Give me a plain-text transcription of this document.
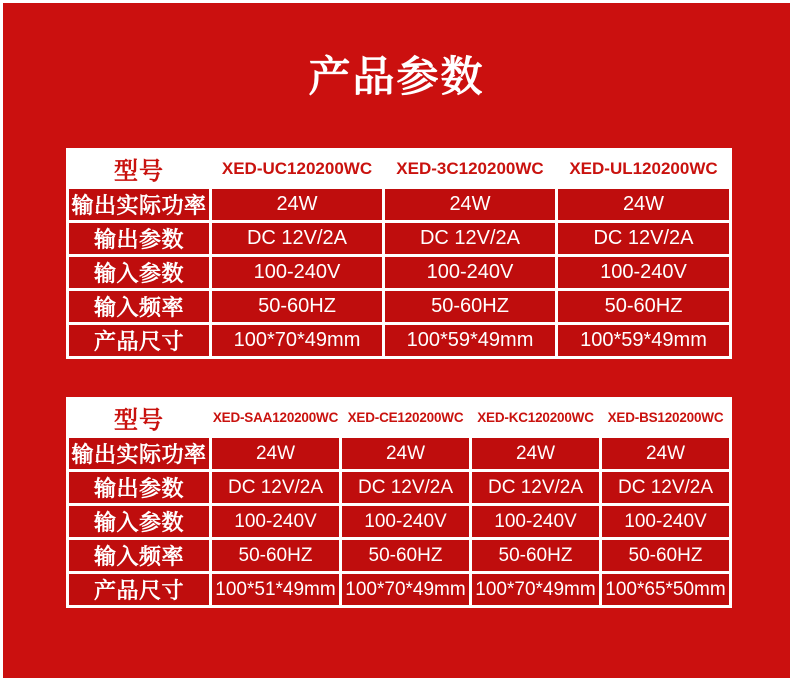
产品参数
型号	XED-UC120200WC	XED-3C120200WC	XED-UL120200WC
输出实际功率	24W	24W	24W
输出参数	DC 12V/2A	DC 12V/2A	DC 12V/2A
输入参数	100-240V	100-240V	100-240V
输入频率	50-60HZ	50-60HZ	50-60HZ
产品尺寸	100*70*49mm	100*59*49mm	100*59*49mm
型号	XED-SAA120200WC	XED-CE120200WC	XED-KC120200WC	XED-BS120200WC
输出实际功率	24W	24W	24W	24W
输出参数	DC 12V/2A	DC 12V/2A	DC 12V/2A	DC 12V/2A
输入参数	100-240V	100-240V	100-240V	100-240V
输入频率	50-60HZ	50-60HZ	50-60HZ	50-60HZ
产品尺寸	100*51*49mm	100*70*49mm	100*70*49mm	100*65*50mm
